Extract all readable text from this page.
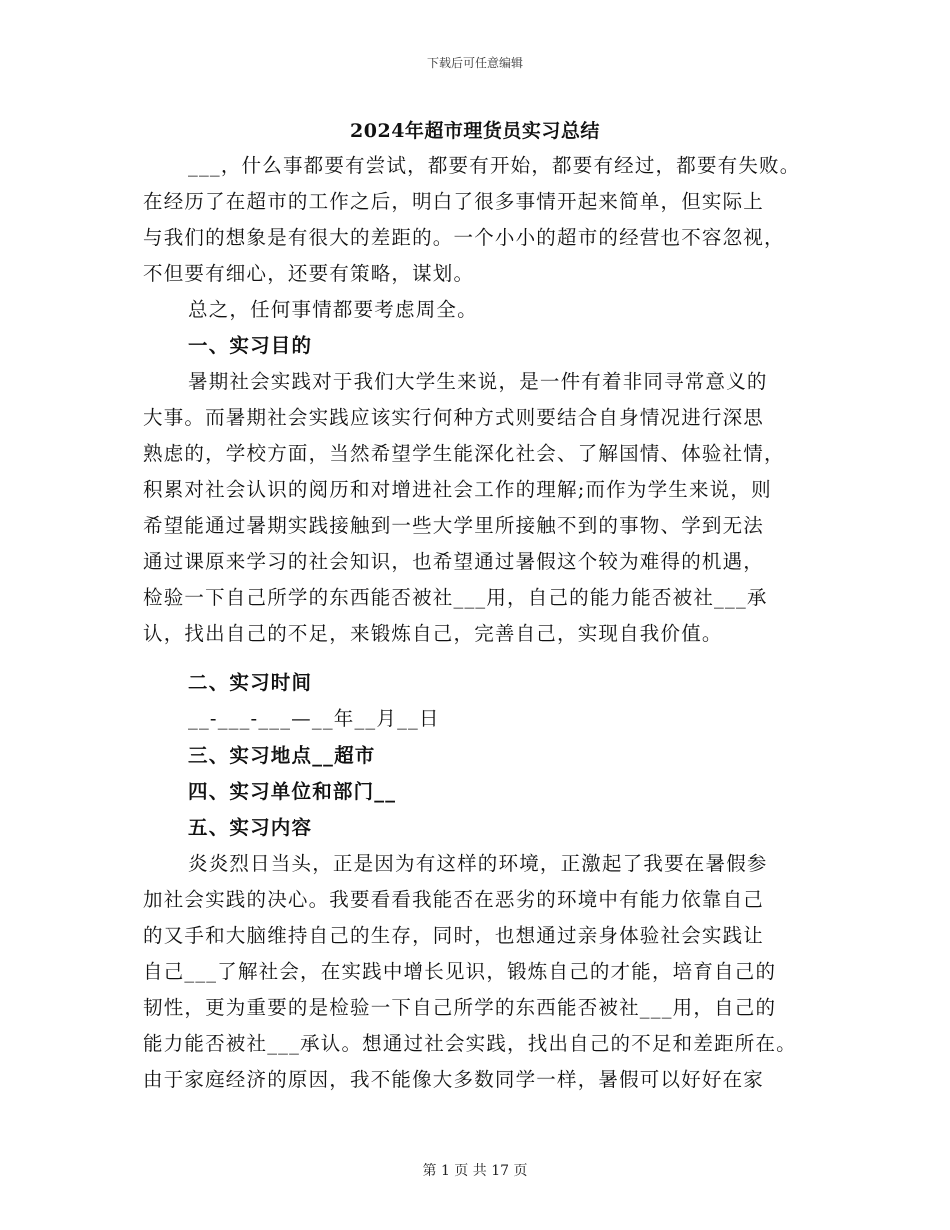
下载后可任意编辑
2024年超市理货员实习总结
___，什么事都要有尝试，都要有开始，都要有经过，都要有失败。
在经历了在超市的工作之后，明白了很多事情开起来简单，但实际上
与我们的想象是有很大的差距的。一个小小的超市的经营也不容忽视，
不但要有细心，还要有策略，谋划。
总之，任何事情都要考虑周全。
一、实习目的
暑期社会实践对于我们大学生来说，是一件有着非同寻常意义的
大事。而暑期社会实践应该实行何种方式则要结合自身情况进行深思
熟虑的，学校方面，当然希望学生能深化社会、了解国情、体验社情，
积累对社会认识的阅历和对增进社会工作的理解;而作为学生来说，则
希望能通过暑期实践接触到一些大学里所接触不到的事物、学到无法
通过课原来学习的社会知识，也希望通过暑假这个较为难得的机遇，
检验一下自己所学的东西能否被社___用，自己的能力能否被社___承
认，找出自己的不足，来锻炼自己，完善自己，实现自我价值。
二、实习时间
__-___-___—__年__月__日
三、实习地点__超市
四、实习单位和部门__
五、实习内容
炎炎烈日当头，正是因为有这样的环境，正激起了我要在暑假参
加社会实践的决心。我要看看我能否在恶劣的环境中有能力依靠自己
的又手和大脑维持自己的生存，同时，也想通过亲身体验社会实践让
自己___了解社会，在实践中增长见识，锻炼自己的才能，培育自己的
韧性，更为重要的是检验一下自己所学的东西能否被社___用，自己的
能力能否被社___承认。想通过社会实践，找出自己的不足和差距所在。
由于家庭经济的原因，我不能像大多数同学一样，暑假可以好好在家
第 1 页 共 17 页
